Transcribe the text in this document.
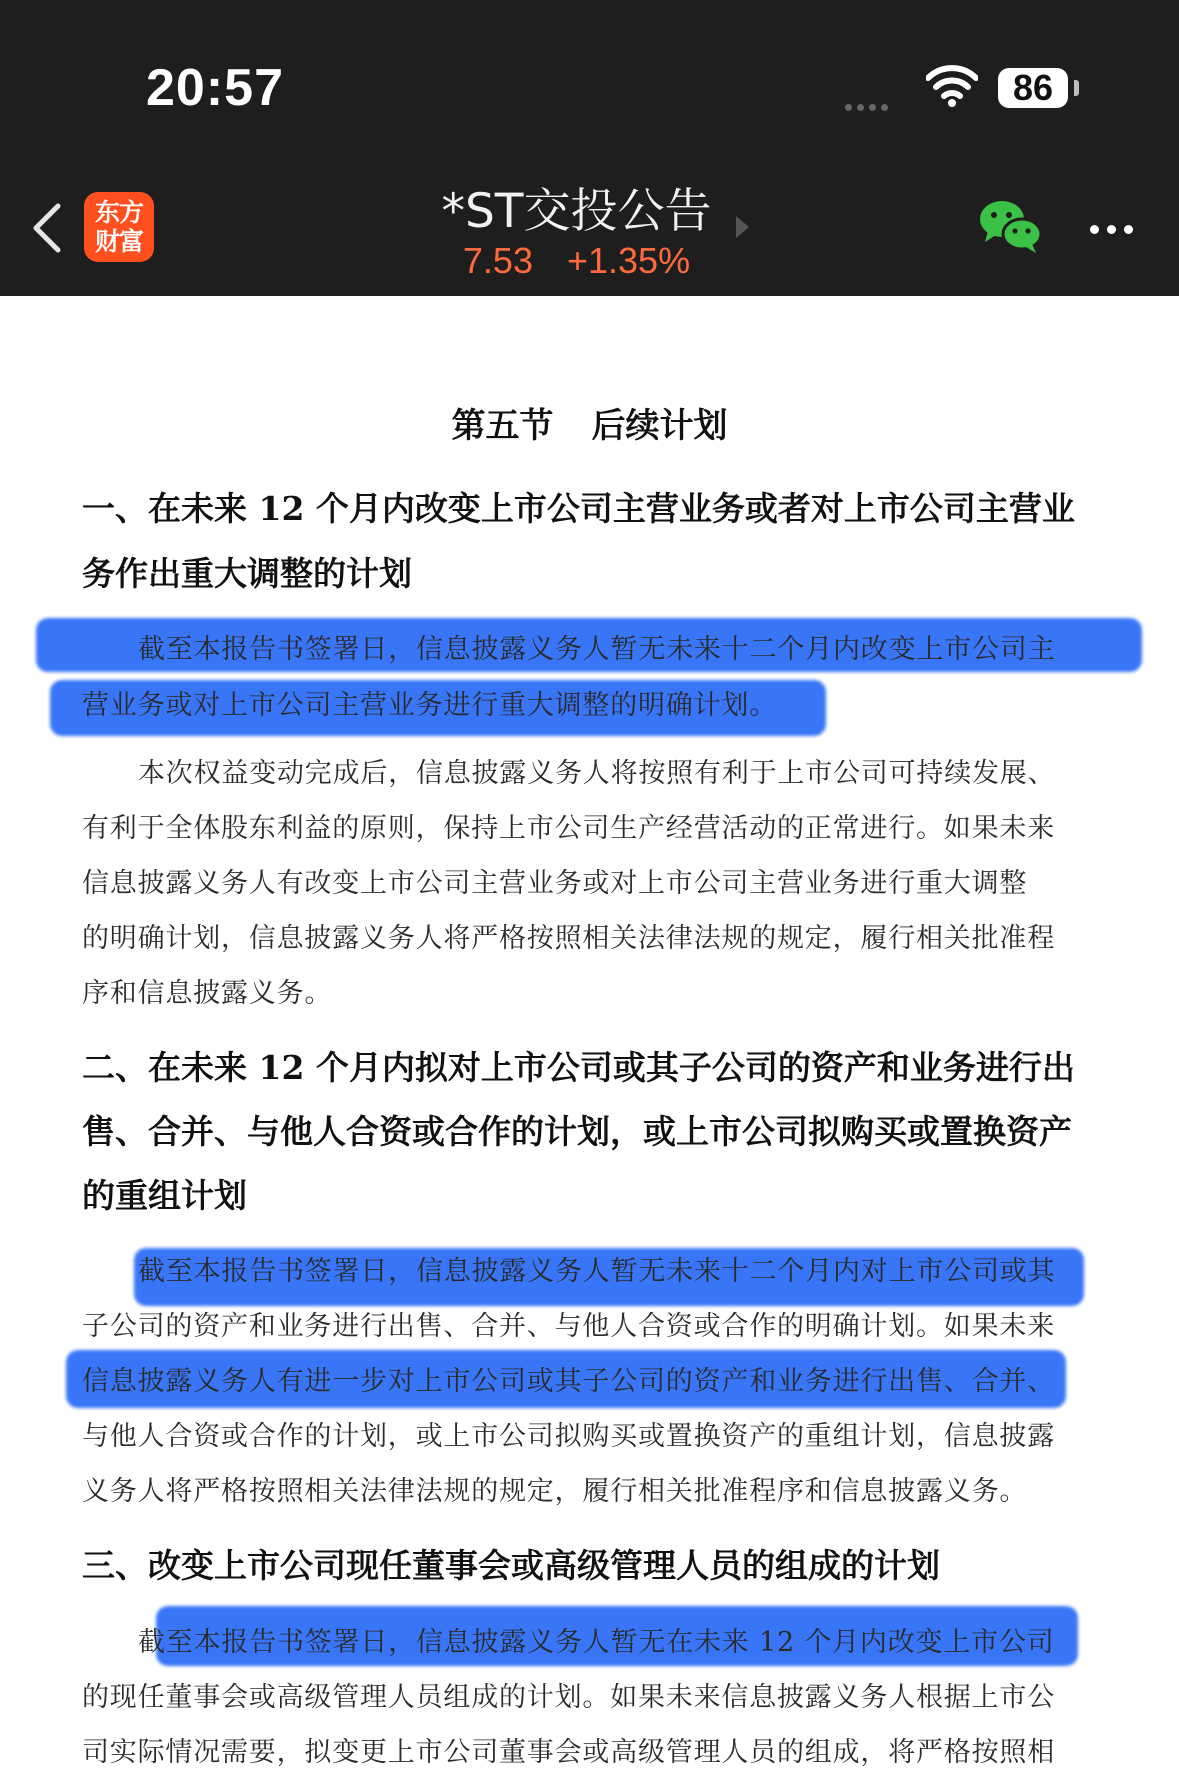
20:57	86
东方
财富
*ST交投公告
7.53 +1.35%
第五节 后续计划
一、在未来 12 个月内改变上市公司主营业务或者对上市公司主营业
务作出重大调整的计划
截至本报告书签署日，信息披露义务人暂无未来十二个月内改变上市公司主
营业务或对上市公司主营业务进行重大调整的明确计划。
本次权益变动完成后，信息披露义务人将按照有利于上市公司可持续发展、
有利于全体股东利益的原则，保持上市公司生产经营活动的正常进行。如果未来
信息披露义务人有改变上市公司主营业务或对上市公司主营业务进行重大调整
的明确计划，信息披露义务人将严格按照相关法律法规的规定，履行相关批准程
序和信息披露义务。
二、在未来 12 个月内拟对上市公司或其子公司的资产和业务进行出
售、合并、与他人合资或合作的计划，或上市公司拟购买或置换资产
的重组计划
截至本报告书签署日，信息披露义务人暂无未来十二个月内对上市公司或其
子公司的资产和业务进行出售、合并、与他人合资或合作的明确计划。如果未来
信息披露义务人有进一步对上市公司或其子公司的资产和业务进行出售、合并、
与他人合资或合作的计划，或上市公司拟购买或置换资产的重组计划，信息披露
义务人将严格按照相关法律法规的规定，履行相关批准程序和信息披露义务。
三、改变上市公司现任董事会或高级管理人员的组成的计划
截至本报告书签署日，信息披露义务人暂无在未来 12 个月内改变上市公司
的现任董事会或高级管理人员组成的计划。如果未来信息披露义务人根据上市公
司实际情况需要，拟变更上市公司董事会或高级管理人员的组成，将严格按照相
